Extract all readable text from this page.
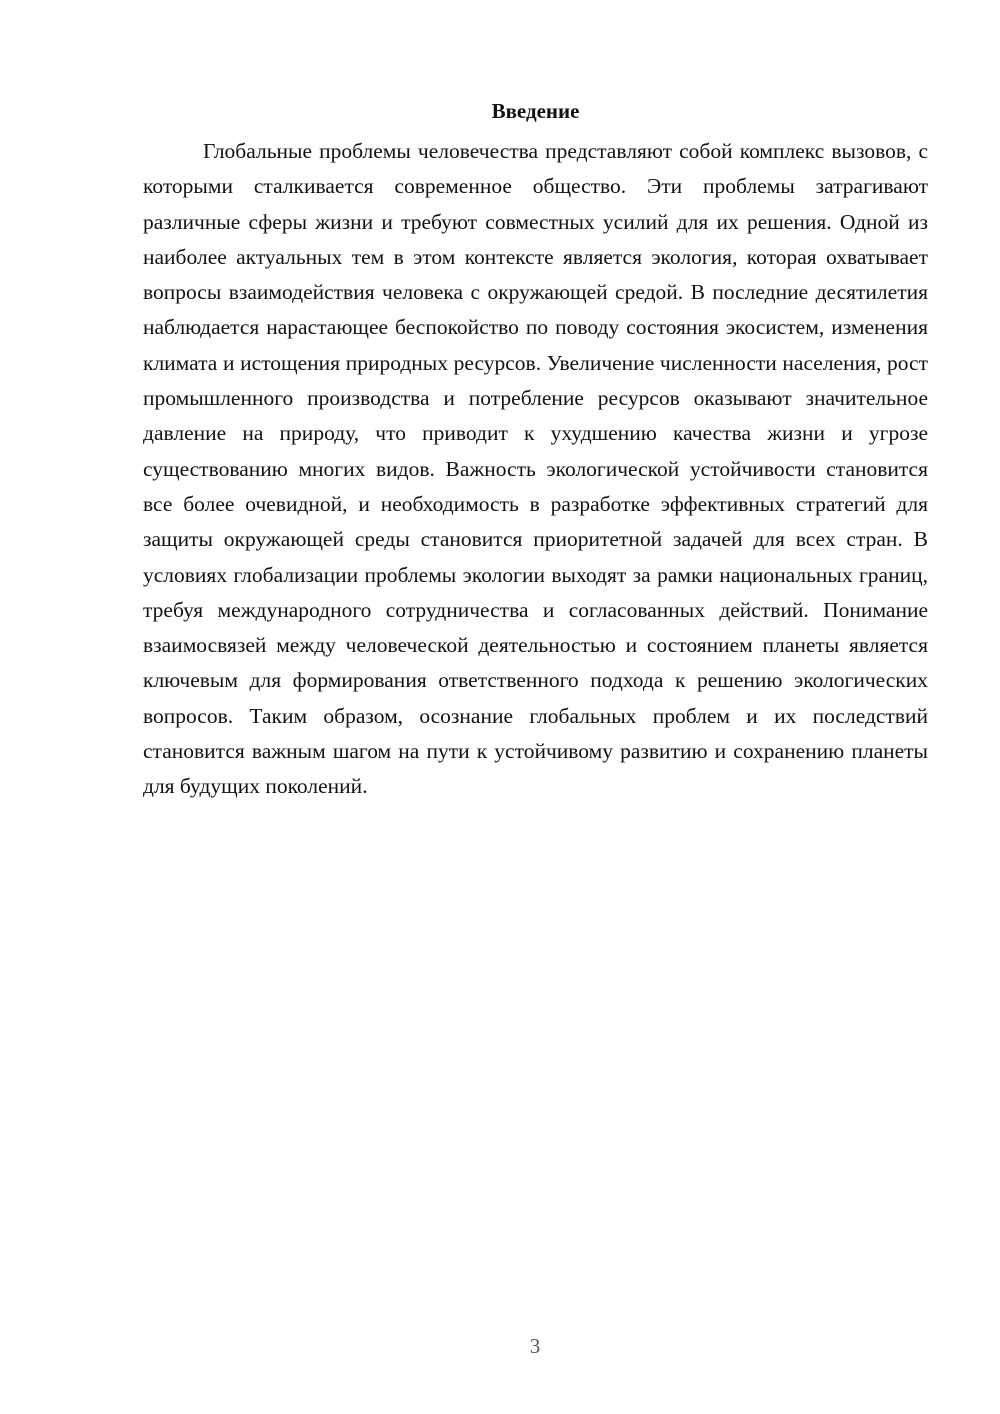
Введение

Глобальные проблемы человечества представляют собой комплекс вызовов, с которыми сталкивается современное общество. Эти проблемы затрагивают различные сферы жизни и требуют совместных усилий для их решения. Одной из наиболее актуальных тем в этом контексте является экология, которая охватывает вопросы взаимодействия человека с окружающей средой. В последние десятилетия наблюдается нарастающее беспокойство по поводу состояния экосистем, изменения климата и истощения природных ресурсов. Увеличение численности населения, рост промышленного производства и потребление ресурсов оказывают значительное давление на природу, что приводит к ухудшению качества жизни и угрозе существованию многих видов. Важность экологической устойчивости становится все более очевидной, и необходимость в разработке эффективных стратегий для защиты окружающей среды становится приоритетной задачей для всех стран. В условиях глобализации проблемы экологии выходят за рамки национальных границ, требуя международного сотрудничества и согласованных действий. Понимание взаимосвязей между человеческой деятельностью и состоянием планеты является ключевым для формирования ответственного подхода к решению экологических вопросов. Таким образом, осознание глобальных проблем и их последствий становится важным шагом на пути к устойчивому развитию и сохранению планеты для будущих поколений.

3
